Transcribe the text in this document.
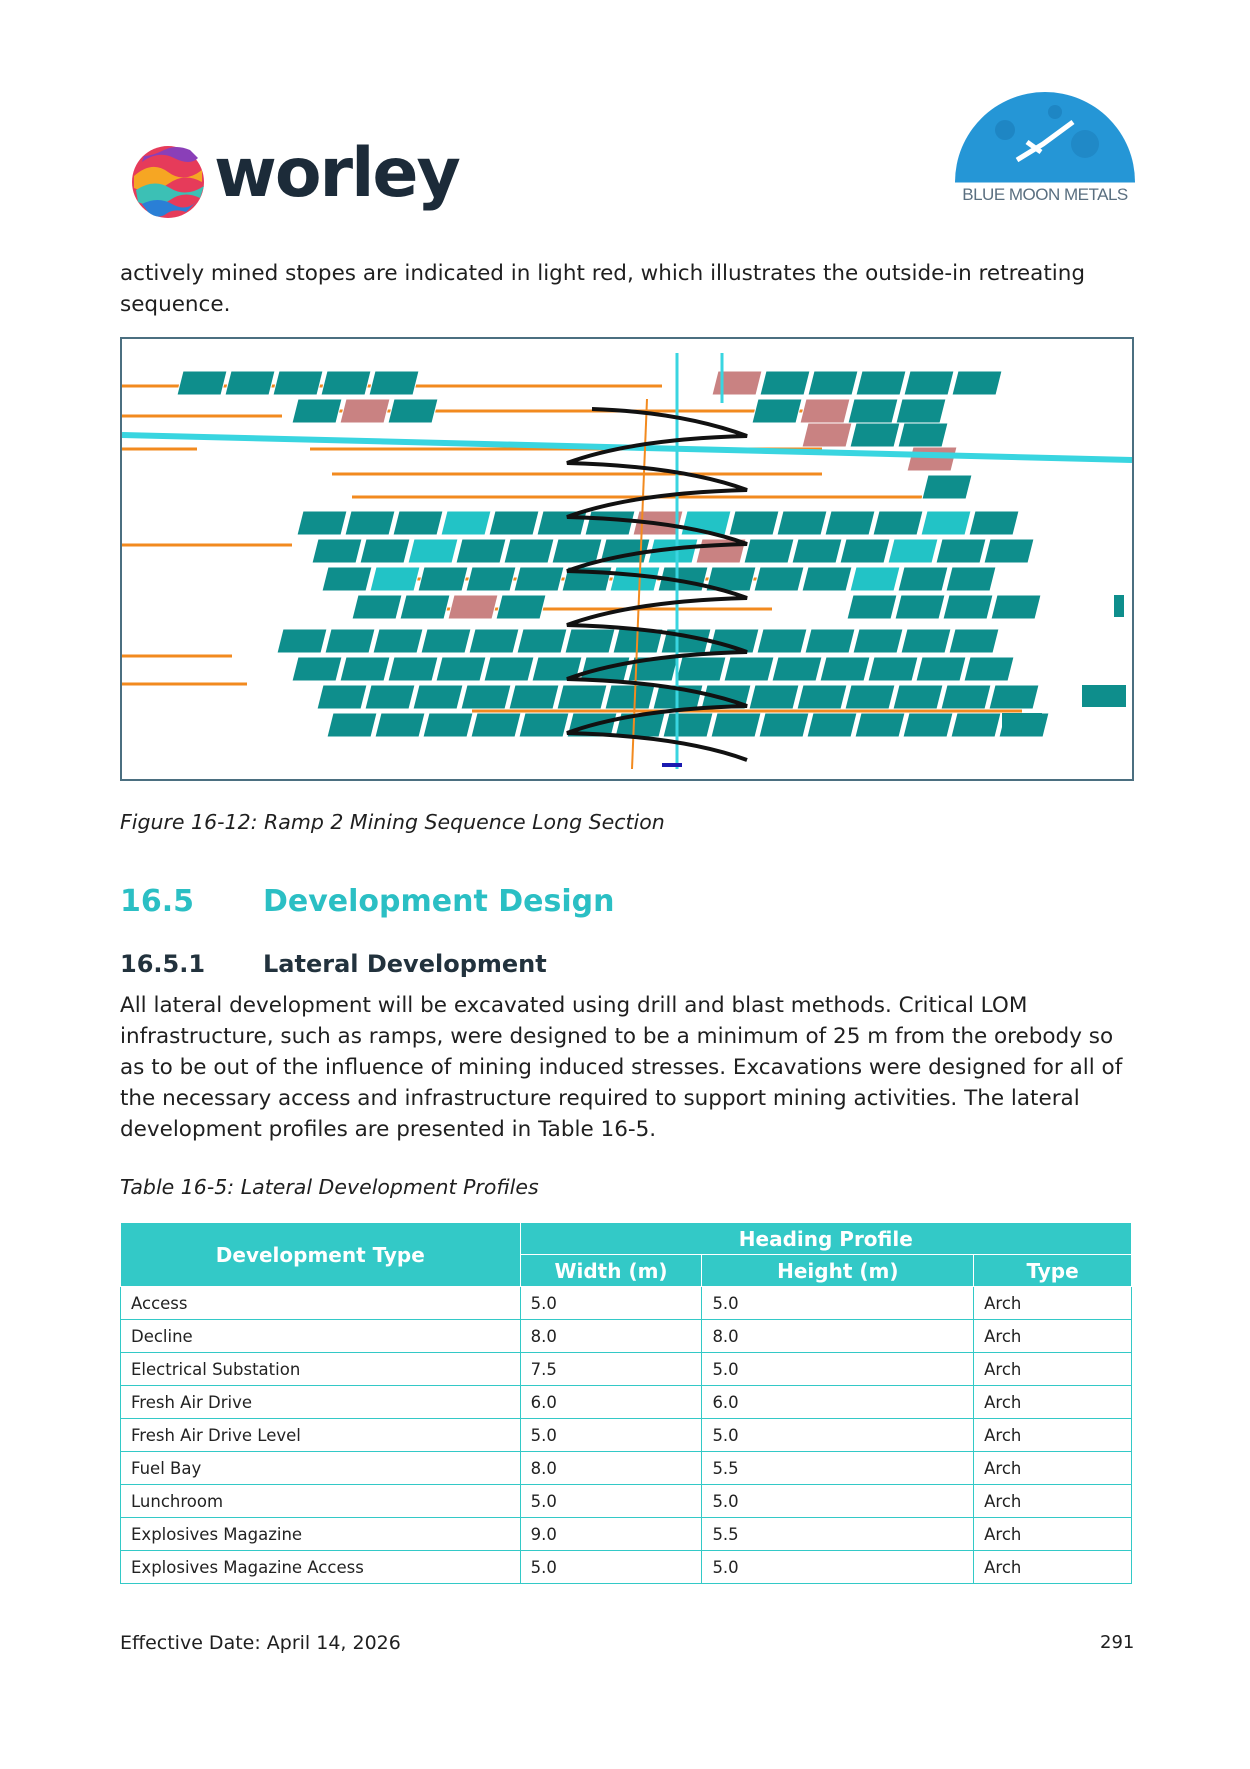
worley	BLUE MOON METALS
actively mined stopes are indicated in light red, which illustrates the outside-in retreating sequence.
Figure 16-12: Ramp 2 Mining Sequence Long Section
16.5 Development Design
16.5.1 Lateral Development
All lateral development will be excavated using drill and blast methods. Critical LOM infrastructure, such as ramps, were designed to be a minimum of 25 m from the orebody so as to be out of the influence of mining induced stresses. Excavations were designed for all of the necessary access and infrastructure required to support mining activities. The lateral development profiles are presented in Table 16-5.
Table 16-5: Lateral Development Profiles
Development Type	Heading Profile		
	Width (m)	Height (m)	Type
Access	5.0	5.0	Arch
Decline	8.0	8.0	Arch
Electrical Substation	7.5	5.0	Arch
Fresh Air Drive	6.0	6.0	Arch
Fresh Air Drive Level	5.0	5.0	Arch
Fuel Bay	8.0	5.5	Arch
Lunchroom	5.0	5.0	Arch
Explosives Magazine	9.0	5.5	Arch
Explosives Magazine Access	5.0	5.0	Arch
Effective Date: April 14, 2026	291
